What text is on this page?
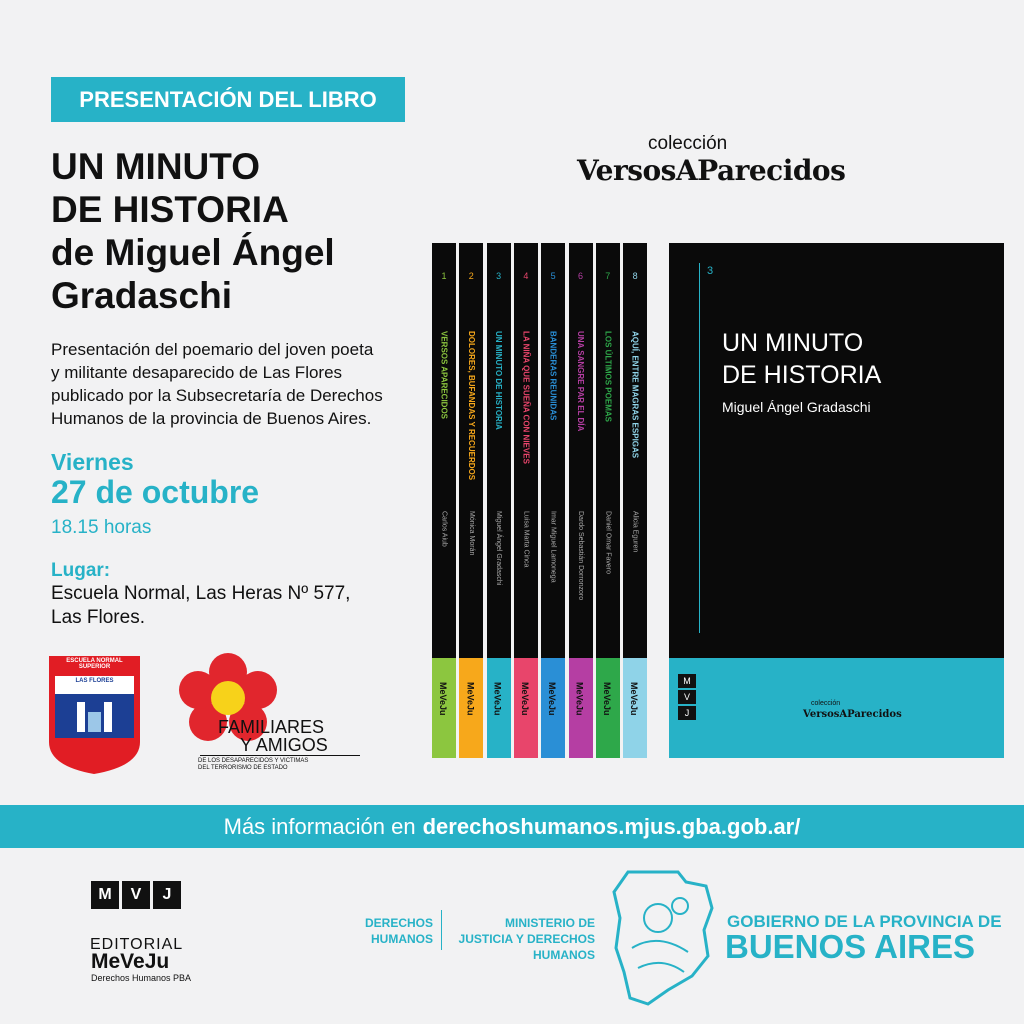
PRESENTACIÓN DEL LIBRO
UN MINUTO
DE HISTORIA
de Miguel Ángel
Gradaschi
Presentación del poemario del joven poeta
y militante desaparecido de Las Flores
publicado por la Subsecretaría de Derechos
Humanos de la provincia de Buenos Aires.
Viernes
27 de octubre
18.15 horas
Lugar:
Escuela Normal, Las Heras Nº 577,
Las Flores.
colección
VersosAParecidos
1
VERSOS APARECIDOS
Carlos Aiub
MeVeJu
2
DOLORES, BUFANDAS Y RECUERDOS
Mónica Morán
MeVeJu
3
UN MINUTO DE HISTORIA
Miguel Ángel Gradaschi
MeVeJu
4
LA NIÑA QUE SUEÑA CON NIEVES
Luisa Marta Cinca
MeVeJu
5
BANDERAS REUNIDAS
Imar Miguel Lamonega
MeVeJu
6
UNA SANGRE PAR EL DÍA
Dardo Sebastián Dorronzoro
MeVeJu
7
LOS ÚLTIMOS POEMAS
Daniel Omar Favero
MeVeJu
8
AQUÍ, ENTRE MAGRAS ESPIGAS
Alicia Eguren
MeVeJu
3
UN MINUTO
DE HISTORIA
Miguel Ángel Gradaschi
M
V
J
colección
VersosAParecidos
ESCUELA NORMAL SUPERIOR
LAS FLORES
FAMILIARES
Y AMIGOS
DE LOS DESAPARECIDOS Y VICTIMAS
DEL TERRORISMO DE ESTADO
Más información en derechoshumanos.mjus.gba.gob.ar/
M V J
EDITORIAL
MeVeJu
Derechos Humanos PBA
DERECHOS
HUMANOS
MINISTERIO DE
JUSTICIA Y DERECHOS
HUMANOS
GOBIERNO DE LA PROVINCIA DE
BUENOS AIRES
